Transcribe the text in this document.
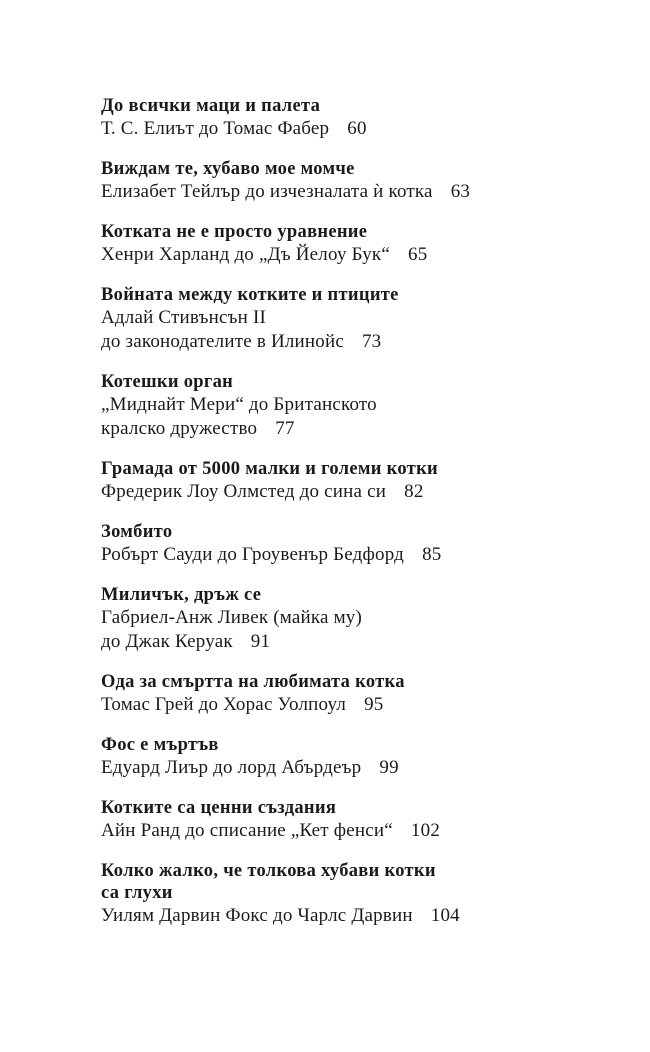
До всички маци и палета
Т. С. Елиът до Томас Фабер 60
Виждам те, хубаво мое момче
Елизабет Тейлър до изчезналата ѝ котка 63
Котката не е просто уравнение
Хенри Харланд до „Дъ Йелоу Бук“ 65
Войната между котките и птиците
Адлай Стивънсън II
до законодателите в Илинойс 73
Котешки орган
„Миднайт Мери“ до Британското
кралско дружество 77
Грамада от 5000 малки и големи котки
Фредерик Лоу Олмстед до сина си 82
Зомбито
Робърт Сауди до Гроувенър Бедфорд 85
Миличък, дръж се
Габриел-Анж Ливек (майка му)
до Джак Керуак 91
Ода за смъртта на любимата котка
Томас Грей до Хорас Уолпоул 95
Фос е мъртъв
Едуард Лиър до лорд Абърдеър 99
Котките са ценни създания
Айн Ранд до списание „Кет фенси“ 102
Колко жалко, че толкова хубави котки
са глухи
Уилям Дарвин Фокс до Чарлс Дарвин 104
